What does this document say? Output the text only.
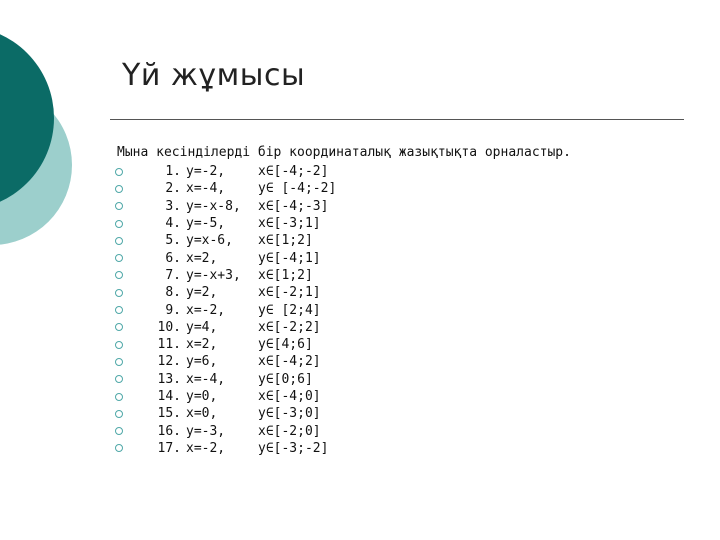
Үй жұмысы
Мына кесінділерді бір координаталық жазықтықта орналастыр.
1. y=-2,	x∈[-4;-2]
2. x=-4,	y∈ [-4;-2]
3. y=-x-8,	x∈[-4;-3]
4. y=-5,	x∈[-3;1]
5. y=x-6,	x∈[1;2]
6. x=2,	y∈[-4;1]
7. y=-x+3,	x∈[1;2]
8. y=2,	x∈[-2;1]
9. x=-2,	y∈ [2;4]
10. y=4,	x∈[-2;2]
11. x=2,	y∈[4;6]
12. y=6,	x∈[-4;2]
13. x=-4,	y∈[0;6]
14. y=0,	x∈[-4;0]
15. x=0,	y∈[-3;0]
16. y=-3,	x∈[-2;0]
17. x=-2,	y∈[-3;-2]
